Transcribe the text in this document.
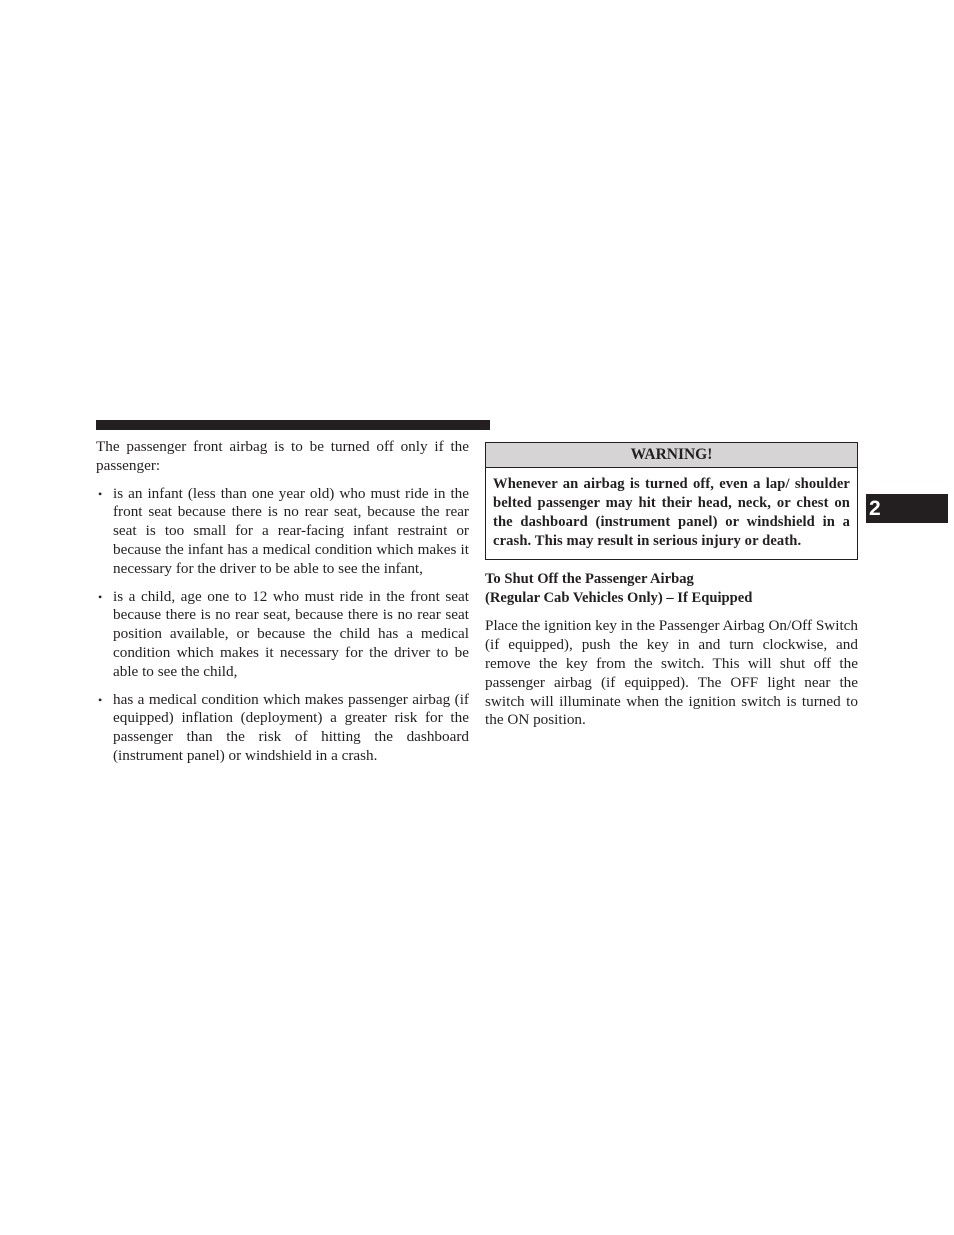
The passenger front airbag is to be turned off only if the passenger:

• is an infant (less than one year old) who must ride in the front seat because there is no rear seat, because the rear seat is too small for a rear-facing infant restraint or because the infant has a medical condition which makes it necessary for the driver to be able to see the infant,
• is a child, age one to 12 who must ride in the front seat because there is no rear seat, because there is no rear seat position available, or because the child has a medical condition which makes it necessary for the driver to be able to see the child,
• has a medical condition which makes passenger airbag (if equipped) inflation (deployment) a greater risk for the passenger than the risk of hitting the dashboard (instrument panel) or windshield in a crash.
WARNING!
Whenever an airbag is turned off, even a lap/ shoulder belted passenger may hit their head, neck, or chest on the dashboard (instrument panel) or windshield in a crash. This may result in serious injury or death.
To Shut Off the Passenger Airbag
(Regular Cab Vehicles Only) – If Equipped

Place the ignition key in the Passenger Airbag On/Off Switch (if equipped), push the key in and turn clockwise, and remove the key from the switch. This will shut off the passenger airbag (if equipped). The OFF light near the switch will illuminate when the ignition switch is turned to the ON position.

2
